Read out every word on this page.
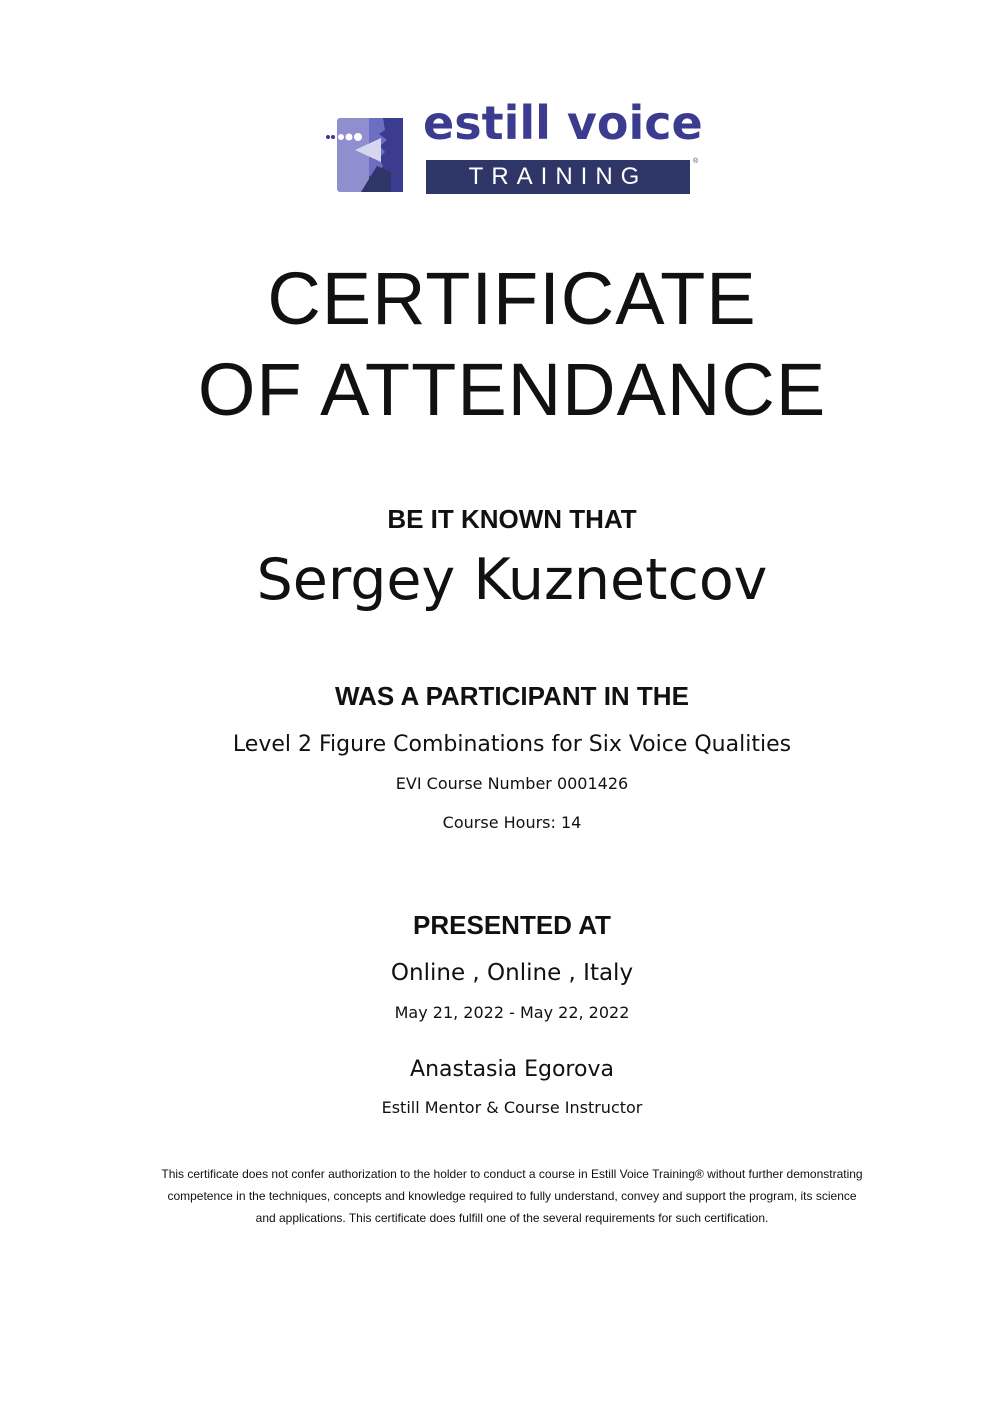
estill voice
TRAINING
®
CERTIFICATE
OF ATTENDANCE
BE IT KNOWN THAT
Sergey Kuznetcov
WAS A PARTICIPANT IN THE
Level 2 Figure Combinations for Six Voice Qualities
EVI Course Number 0001426
Course Hours: 14
PRESENTED AT
Online , Online , Italy
May 21, 2022 - May 22, 2022
Anastasia Egorova
Estill Mentor & Course Instructor
This certificate does not confer authorization to the holder to conduct a course in Estill Voice Training® without further demonstrating competence in the techniques, concepts and knowledge required to fully understand, convey and support the program, its science and applications. This certificate does fulfill one of the several requirements for such certification.
